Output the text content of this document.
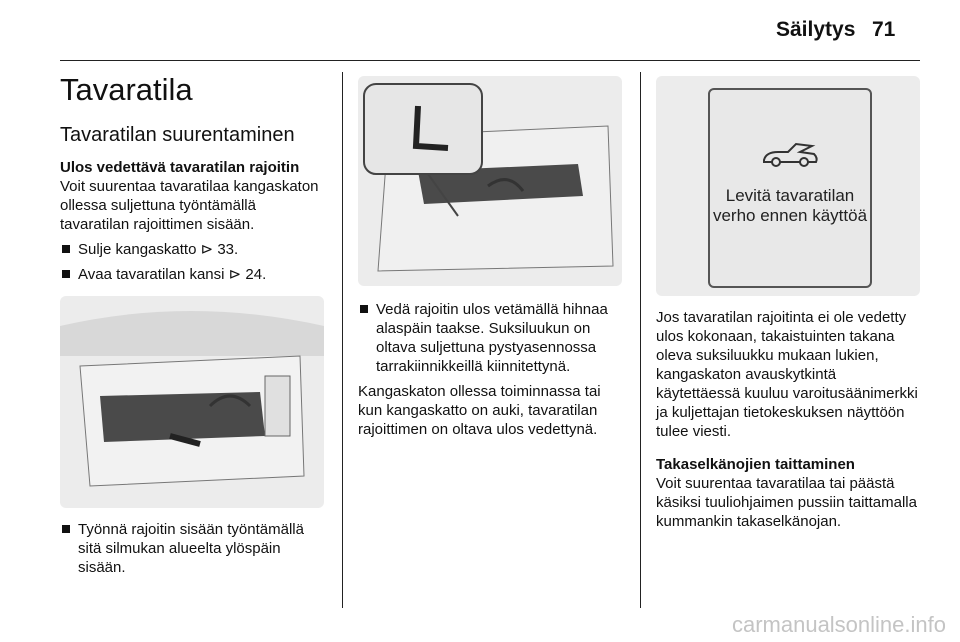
Säilytys 71
Tavaratila
Tavaratilan suurentaminen
Ulos vedettävä tavaratilan rajoitin

Voit suurentaa tavaratilaa kangaskaton ollessa suljettuna työntämällä tavaratilan rajoittimen sisään.

Sulje kangaskatto ⊳ 33.
Avaa tavaratilan kansi ⊳ 24.
Työnnä rajoitin sisään työntämällä sitä silmukan alueelta ylöspäin sisään.
Vedä rajoitin ulos vetämällä hihnaa alaspäin taakse. Suksiluukun on oltava suljettuna pystyasennossa tarrakiinnikkeillä kiinnitettynä.

Kangaskaton ollessa toiminnassa tai kun kangaskatto on auki, tavaratilan rajoittimen on oltava ulos vedettynä.

Levitä tavaratilan verho ennen käyttöä

Jos tavaratilan rajoitinta ei ole vedetty ulos kokonaan, takaistuinten takana oleva suksiluukku mukaan lukien, kangaskaton avauskytkintä käytettäessä kuuluu varoitusäänimerkki ja kuljettajan tietokeskuksen näyttöön tulee viesti.

Takaselkänojien taittaminen

Voit suurentaa tavaratilaa tai päästä käsiksi tuuliohjaimen pussiin taittamalla kummankin takaselkänojan.

carmanualsonline.info
